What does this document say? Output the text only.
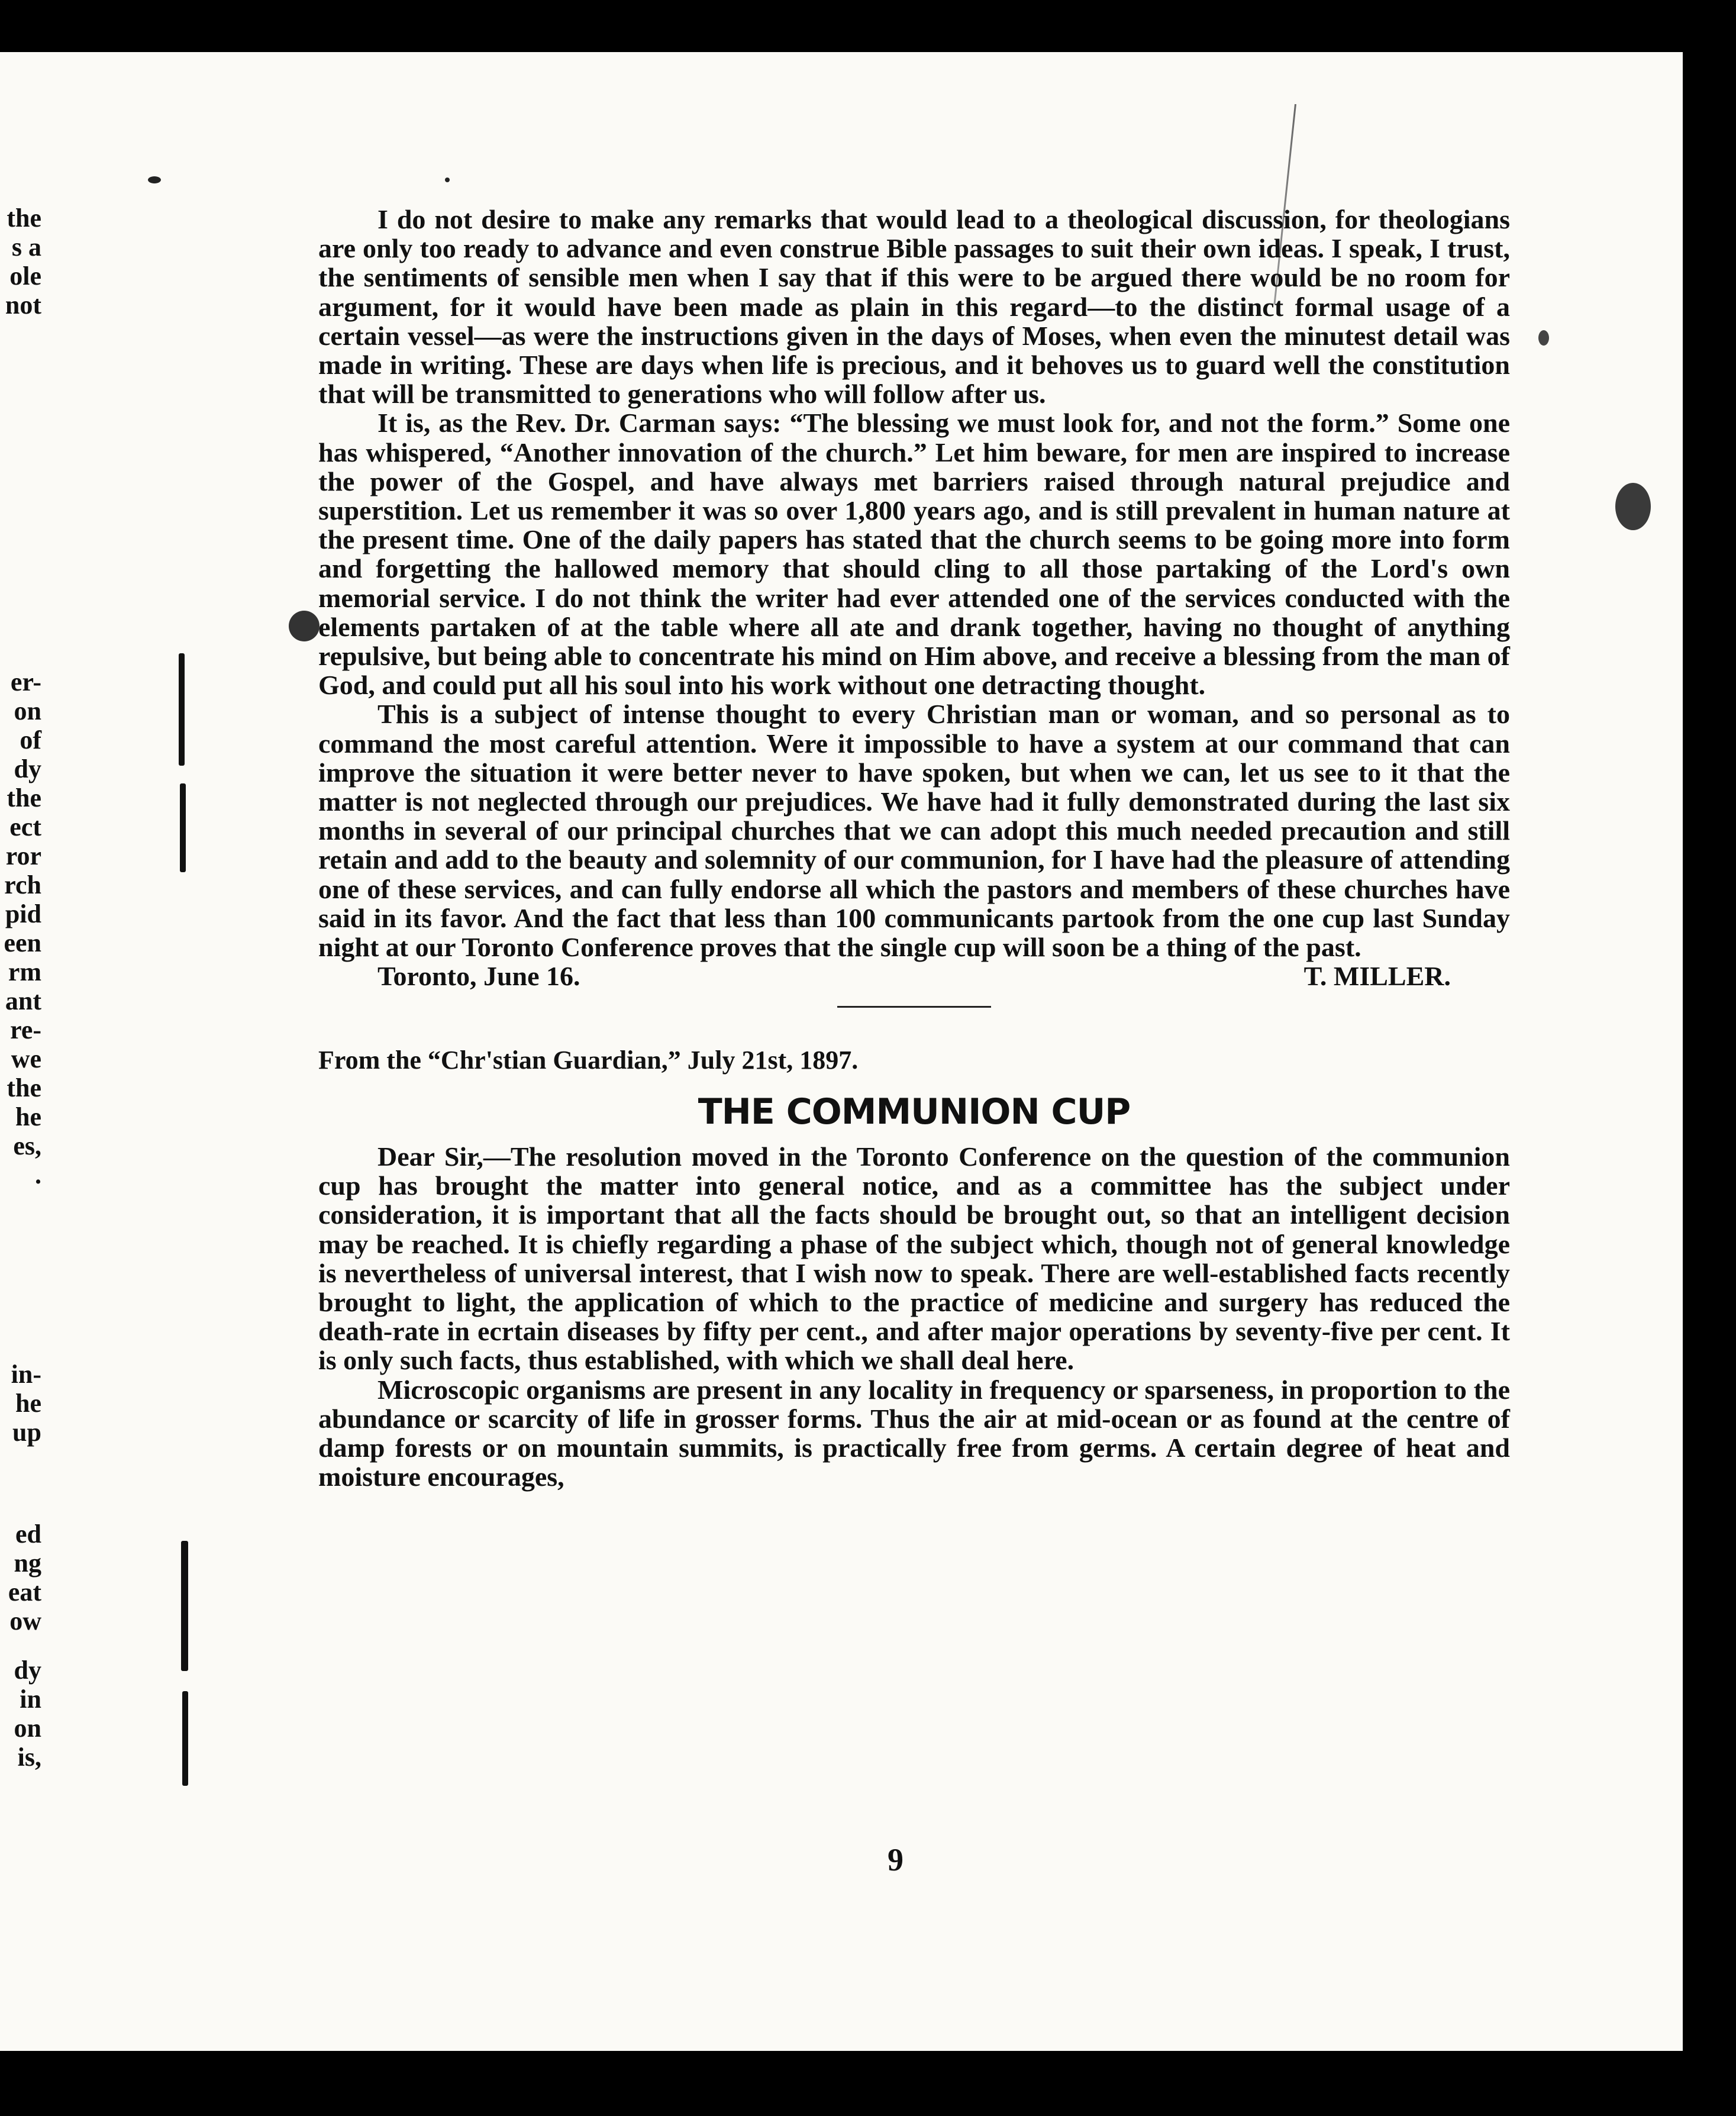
the
s a
ole
not
er-
on
of
dy
the
ect
ror
rch
pid
een
rm
ant
re-
we
the
he
es,
.
in-
he
up
ed
ng
eat
ow
dy
in
on
is,

I do not desire to make any remarks that would lead to a theological discussion, for theologians are only too ready to advance and even construe Bible passages to suit their own ideas. I speak, I trust, the sentiments of sensible men when I say that if this were to be argued there would be no room for argument, for it would have been made as plain in this regard—to the distinct formal usage of a certain vessel—as were the instructions given in the days of Moses, when even the minutest detail was made in writing. These are days when life is precious, and it behoves us to guard well the constitution that will be transmitted to generations who will follow after us.

It is, as the Rev. Dr. Carman says: “The blessing we must look for, and not the form.” Some one has whispered, “Another innovation of the church.” Let him beware, for men are inspired to increase the power of the Gospel, and have always met barriers raised through natural prejudice and superstition. Let us remember it was so over 1,800 years ago, and is still prevalent in human nature at the present time. One of the daily papers has stated that the church seems to be going more into form and forgetting the hallowed memory that should cling to all those partaking of the Lord's own memorial service. I do not think the writer had ever attended one of the services conducted with the elements partaken of at the table where all ate and drank together, having no thought of anything repulsive, but being able to concentrate his mind on Him above, and receive a blessing from the man of God, and could put all his soul into his work without one detracting thought.

This is a subject of intense thought to every Christian man or woman, and so personal as to command the most careful attention. Were it impossible to have a system at our command that can improve the situation it were better never to have spoken, but when we can, let us see to it that the matter is not neglected through our prejudices. We have had it fully demonstrated during the last six months in several of our principal churches that we can adopt this much needed precaution and still retain and add to the beauty and solemnity of our communion, for I have had the pleasure of attending one of these services, and can fully endorse all which the pastors and members of these churches have said in its favor. And the fact that less than 100 communicants partook from the one cup last Sunday night at our Toronto Conference proves that the single cup will soon be a thing of the past.

Toronto, June 16.	T. MILLER.
From the “Chr'stian Guardian,” July 21st, 1897.
THE COMMUNION CUP

Dear Sir,—The resolution moved in the Toronto Conference on the question of the communion cup has brought the matter into general notice, and as a committee has the subject under consideration, it is important that all the facts should be brought out, so that an intelligent decision may be reached. It is chiefly regarding a phase of the subject which, though not of general knowledge is nevertheless of universal interest, that I wish now to speak. There are well-established facts recently brought to light, the application of which to the practice of medicine and surgery has reduced the death-rate in ecrtain diseases by fifty per cent., and after major operations by seventy-five per cent. It is only such facts, thus established, with which we shall deal here.

Microscopic organisms are present in any locality in frequency or sparseness, in proportion to the abundance or scarcity of life in grosser forms. Thus the air at mid-ocean or as found at the centre of damp forests or on mountain summits, is practically free from germs. A certain degree of heat and moisture encourages,

9
